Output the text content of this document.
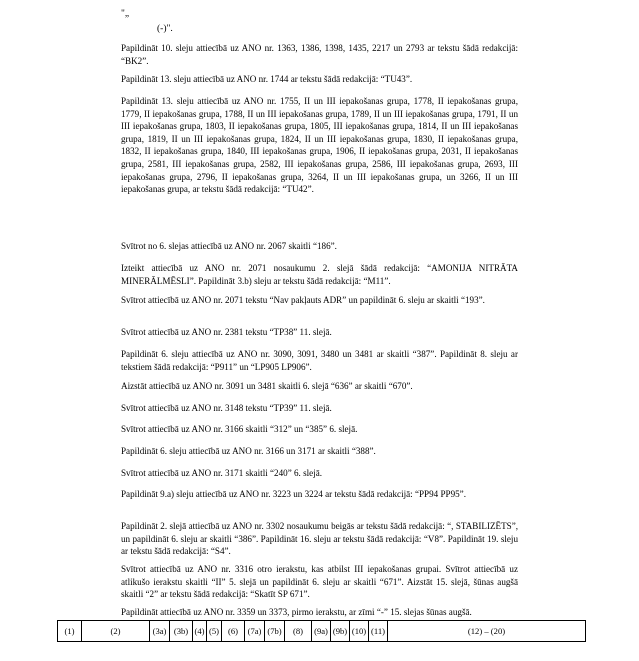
"„

(-)".

Papildināt 10. sleju attiecībā uz ANO nr. 1363, 1386, 1398, 1435, 2217 un 2793 ar tekstu šādā redakcijā: “BK2”.

Papildināt 13. sleju attiecībā uz ANO nr. 1744 ar tekstu šādā redakcijā: “TU43”.

Papildināt 13. sleju attiecībā uz ANO nr. 1755, II un III iepakošanas grupa, 1778, II iepakošanas grupa, 1779, II iepakošanas grupa, 1788, II un III iepakošanas grupa, 1789, II un III iepakošanas grupa, 1791, II un III iepakošanas grupa, 1803, II iepakošanas grupa, 1805, III iepakošanas grupa, 1814, II un III iepakošanas grupa, 1819, II un III iepakošanas grupa, 1824, II un III iepakošanas grupa, 1830, II iepakošanas grupa, 1832, II iepakošanas grupa, 1840, III iepakošanas grupa, 1906, II iepakošanas grupa, 2031, II iepakošanas grupa, 2581, III iepakošanas grupa, 2582, III iepakošanas grupa, 2586, III iepakošanas grupa, 2693, III iepakošanas grupa, 2796, II iepakošanas grupa, 3264, II un III iepakošanas grupa, un 3266, II un III iepakošanas grupa, ar tekstu šādā redakcijā: “TU42”.

Svītrot no 6. slejas attiecībā uz ANO nr. 2067 skaitli “186”.

Izteikt attiecībā uz ANO nr. 2071 nosaukumu 2. slejā šādā redakcijā: “AMONIJA NITRĀTA MINERĀLMĒSLI”. Papildināt 3.b) sleju ar tekstu šādā redakcijā: “M11”.

Svītrot attiecībā uz ANO nr. 2071 tekstu “Nav pakļauts ADR” un papildināt 6. sleju ar skaitli “193”.

Svītrot attiecībā uz ANO nr. 2381 tekstu “TP38” 11. slejā.

Papildināt 6. sleju attiecībā uz ANO nr. 3090, 3091, 3480 un 3481 ar skaitli “387”. Papildināt 8. sleju ar tekstiem šādā redakcijā: “P911” un “LP905 LP906”.

Aizstāt attiecībā uz ANO nr. 3091 un 3481 skaitli 6. slejā “636” ar skaitli “670”.

Svītrot attiecībā uz ANO nr. 3148 tekstu “TP39” 11. slejā.

Svītrot attiecībā uz ANO nr. 3166 skaitli “312” un “385” 6. slejā.

Papildināt 6. sleju attiecībā uz ANO nr. 3166 un 3171 ar skaitli “388”.

Svītrot attiecībā uz ANO nr. 3171 skaitli “240” 6. slejā.

Papildināt 9.a) sleju attiecībā uz ANO nr. 3223 un 3224 ar tekstu šādā redakcijā: “PP94 PP95”.

Papildināt 2. slejā attiecībā uz ANO nr. 3302 nosaukumu beigās ar tekstu šādā redakcijā: “, STABILIZĒTS”, un papildināt 6. sleju ar skaitli “386”. Papildināt 16. sleju ar tekstu šādā redakcijā: “V8”. Papildināt 19. sleju ar tekstu šādā redakcijā: “S4”.

Svītrot attiecībā uz ANO nr. 3316 otro ierakstu, kas atbilst III iepakošanas grupai. Svītrot attiecībā uz atlikušo ierakstu skaitli “II” 5. slejā un papildināt 6. sleju ar skaitli “671”. Aizstāt 15. slejā, šūnas augšā skaitli “2” ar tekstu šādā redakcijā: “Skatīt SP 671”.

Papildināt attiecībā uz ANO nr. 3359 un 3373, pirmo ierakstu, ar zīmi “-” 15. slejas šūnas augšā.

(1)	(2)	(3a)	(3b)	(4)	(5)	(6)	(7a)	(7b)	(8)	(9a)	(9b)	(10)	(11)	(12) – (20)
